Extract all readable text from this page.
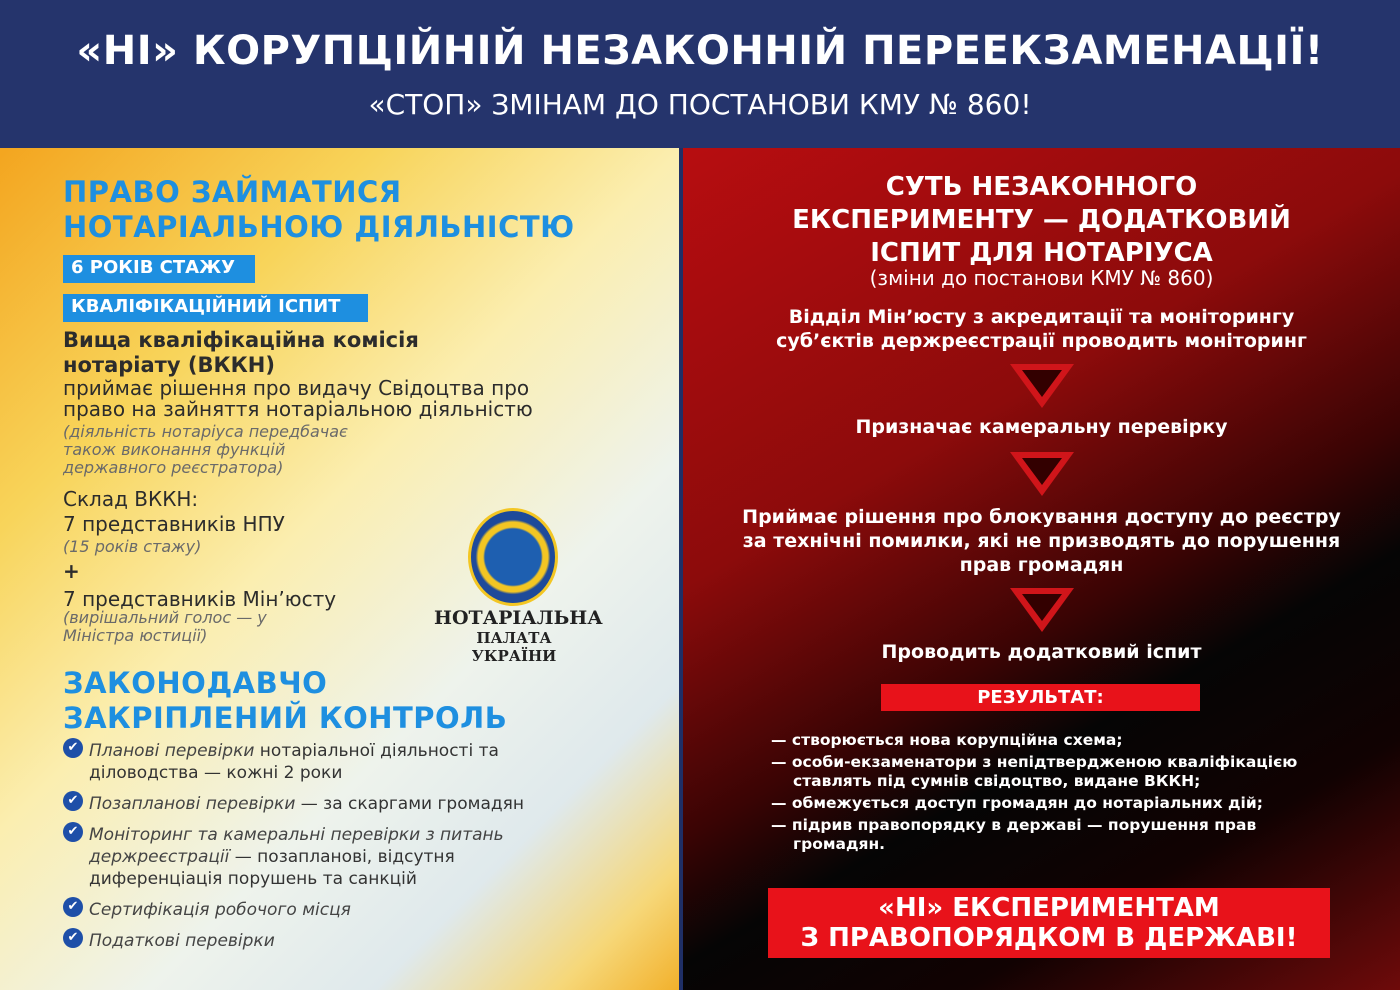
«НІ» КОРУПЦІЙНІЙ НЕЗАКОННІЙ ПЕРЕЕКЗАМЕНАЦІЇ!
«СТОП» ЗМІНАМ ДО ПОСТАНОВИ КМУ № 860!
ПРАВО ЗАЙМАТИСЯ
НОТАРІАЛЬНОЮ ДІЯЛЬНІСТЮ
6 РОКІВ СТАЖУ
КВАЛІФІКАЦІЙНИЙ ІСПИТ
Вища кваліфікаційна комісія нотаріату (ВККН)
приймає рішення про видачу Свідоцтва про право на зайняття нотаріальною діяльністю
(діяльність нотаріуса передбачає також виконання функцій державного реєстратора)
Склад ВККН:
7 представників НПУ
(15 років стажу)
+
7 представників Мін’юсту
(вирішальний голос — у Міністра юстиції)
НОТАРІАЛЬНА
ПАЛАТА УКРАЇНИ
ЗАКОНОДАВЧО
ЗАКРІПЛЕНИЙ КОНТРОЛЬ
✔ Планові перевірки нотаріальної діяльності та діловодства — кожні 2 роки
✔ Позапланові перевірки — за скаргами громадян
✔ Моніторинг та камеральні перевірки з питань держреєстрації — позапланові, відсутня диференціація порушень та санкцій
✔ Сертифікація робочого місця
✔ Податкові перевірки
СУТЬ НЕЗАКОННОГО
ЕКСПЕРИМЕНТУ — ДОДАТКОВИЙ
ІСПИТ ДЛЯ НОТАРІУСА
(зміни до постанови КМУ № 860)
Відділ Мін’юсту з акредитації та моніторингу суб’єктів держреєстрації проводить моніторинг
Призначає камеральну перевірку
Приймає рішення про блокування доступу до реєстру за технічні помилки, які не призводять до порушення прав громадян
Проводить додатковий іспит
РЕЗУЛЬТАТ:
— створюється нова корупційна схема;
— особи-екзаменатори з непідтвердженою кваліфікацією ставлять під сумнів свідоцтво, видане ВККН;
— обмежується доступ громадян до нотаріальних дій;
— підрив правопорядку в державі — порушення прав громадян.
«НІ» ЕКСПЕРИМЕНТАМ
З ПРАВОПОРЯДКОМ В ДЕРЖАВІ!
